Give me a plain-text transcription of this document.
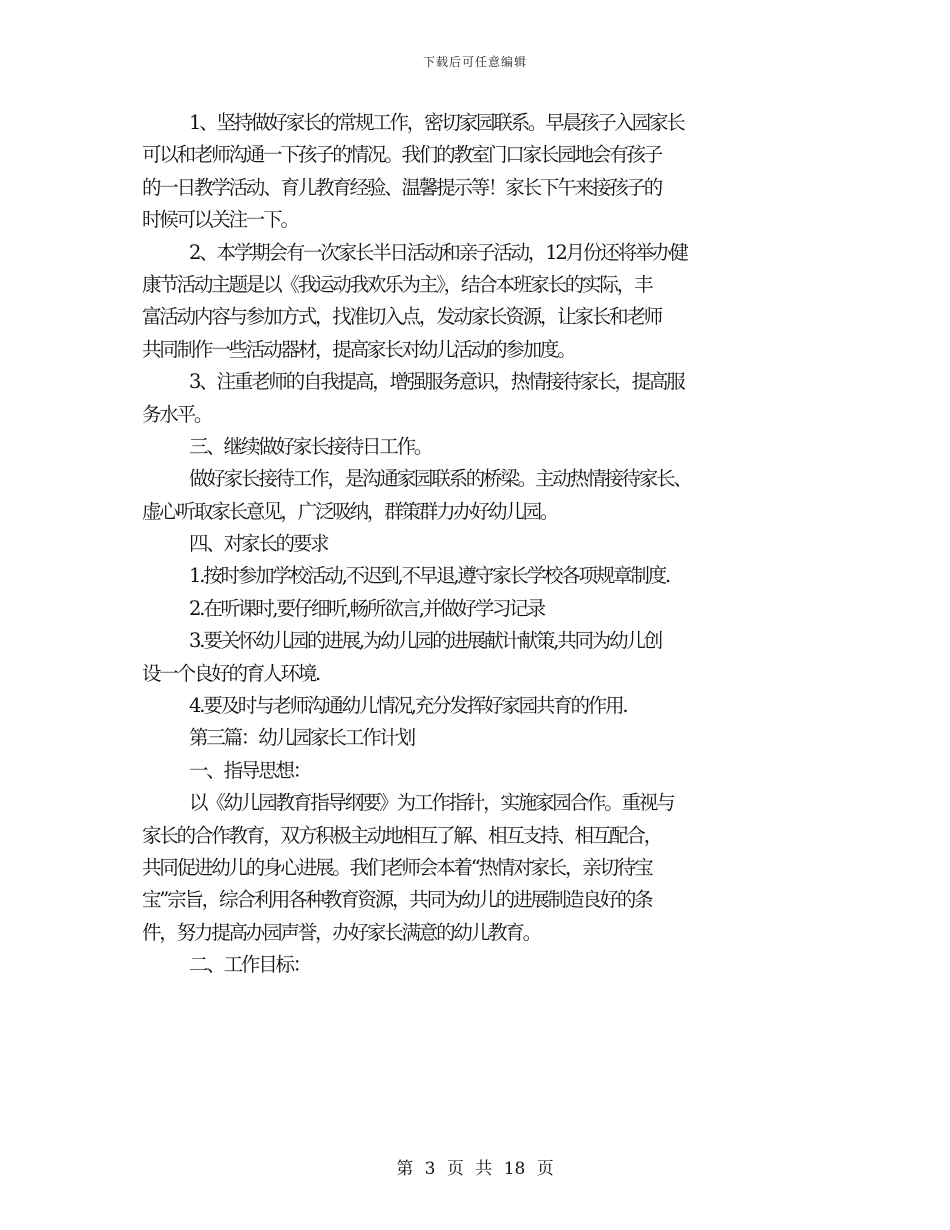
下载后可任意编辑
1、坚持做好家长的常规工作，密切家园联系。早晨孩子入园家长
可以和老师沟通一下孩子的情况。我们的教室门口家长园地会有孩子
的一日教学活动、育儿教育经验、温馨提示等！家长下午来接孩子的
时候可以关注一下。
2、本学期会有一次家长半日活动和亲子活动，12月份还将举办健
康节活动主题是以《我运动我欢乐为主》，结合本班家长的实际，丰
富活动内容与参加方式，找准切入点，发动家长资源，让家长和老师
共同制作一些活动器材，提高家长对幼儿活动的参加度。
3、注重老师的自我提高，增强服务意识，热情接待家长，提高服
务水平。
三、继续做好家长接待日工作。
做好家长接待工作，是沟通家园联系的桥梁。主动热情接待家长、
虚心听取家长意见，广泛吸纳，群策群力办好幼儿园。
四、对家长的要求
1.按时参加学校活动,不迟到,不早退,遵守家长学校各项规章制度.
2.在听课时,要仔细听,畅所欲言,并做好学习记录
3.要关怀幼儿园的进展,为幼儿园的进展献计献策,共同为幼儿创
设一个良好的育人环境.
4.要及时与老师沟通幼儿情况,充分发挥好家园共育的作用.
第三篇：幼儿园家长工作计划
一、指导思想：
以《幼儿园教育指导纲要》为工作指针，实施家园合作。重视与
家长的合作教育，双方积极主动地相互了解、相互支持、相互配合，
共同促进幼儿的身心进展。我们老师会本着“热情对家长，亲切待宝
宝”宗旨，综合利用各种教育资源，共同为幼儿的进展制造良好的条
件，努力提高办园声誉，办好家长满意的幼儿教育。
二、工作目标：
第 3 页 共 18 页
